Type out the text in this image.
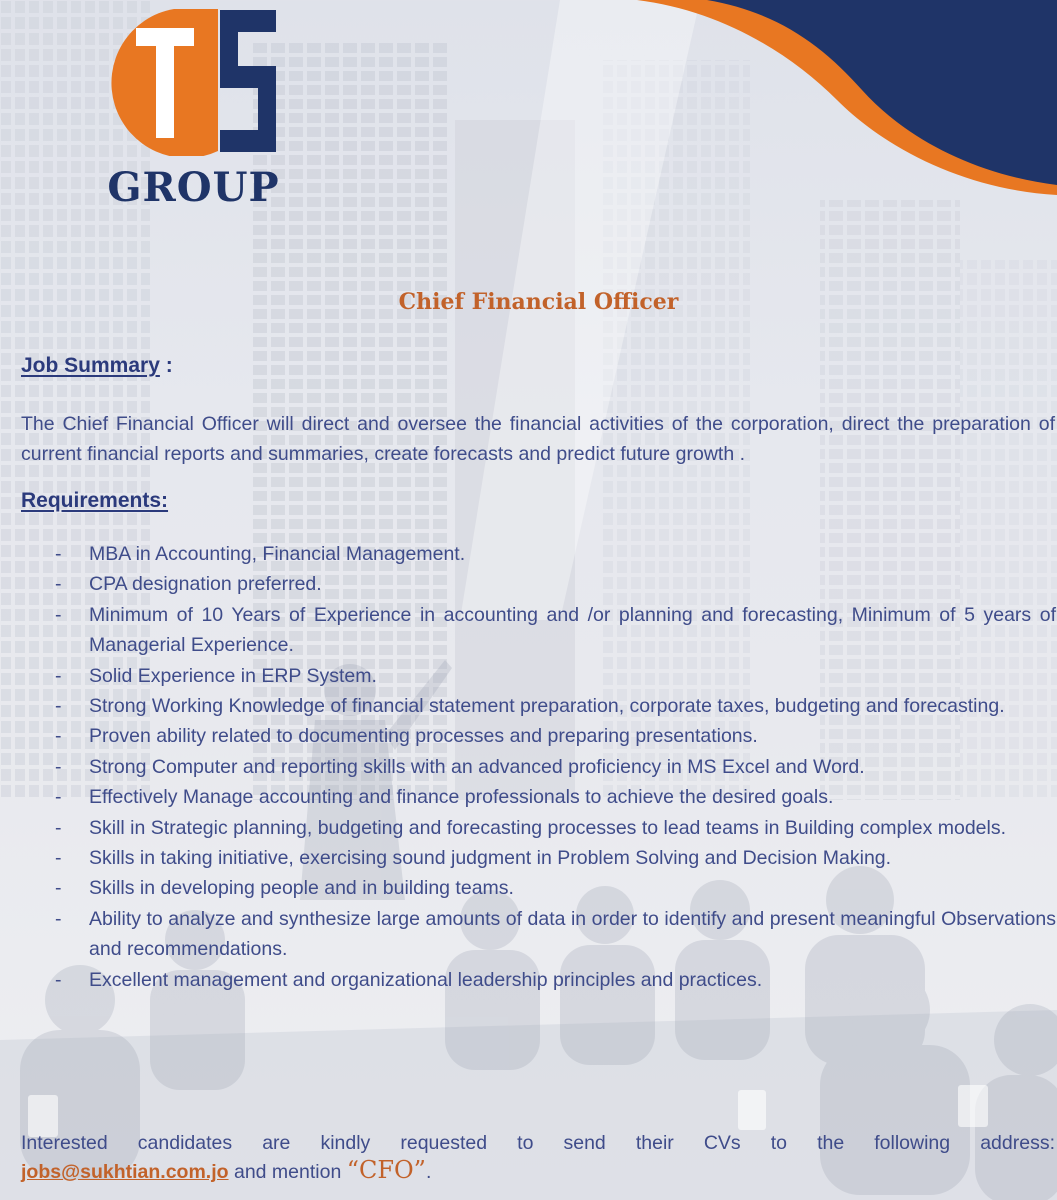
GROUP
Chief Financial Officer
Job Summary :
The Chief Financial Officer will direct and oversee the financial activities of the corporation, direct the preparation of current financial reports and summaries, create forecasts and predict future growth .
Requirements:
- MBA in Accounting, Financial Management.
- CPA designation preferred.
- Minimum of 10 Years of Experience in accounting and /or planning and forecasting, Minimum of 5 years of Managerial Experience.
- Solid Experience in ERP System.
- Strong Working Knowledge of financial statement preparation, corporate taxes, budgeting and forecasting.
- Proven ability related to documenting processes and preparing presentations.
- Strong Computer and reporting skills with an advanced proficiency in MS Excel and Word.
- Effectively Manage accounting and finance professionals to achieve the desired goals.
- Skill in Strategic planning, budgeting and forecasting processes to lead teams in Building complex models.
- Skills in taking initiative, exercising sound judgment in Problem Solving and Decision Making.
- Skills in developing people and in building teams.
- Ability to analyze and synthesize large amounts of data in order to identify and present meaningful Observations and recommendations.
- Excellent management and organizational leadership principles and practices.
Interested candidates are kindly requested to send their CVs to the following address:
jobs@sukhtian.com.jo and mention “CFO”.
